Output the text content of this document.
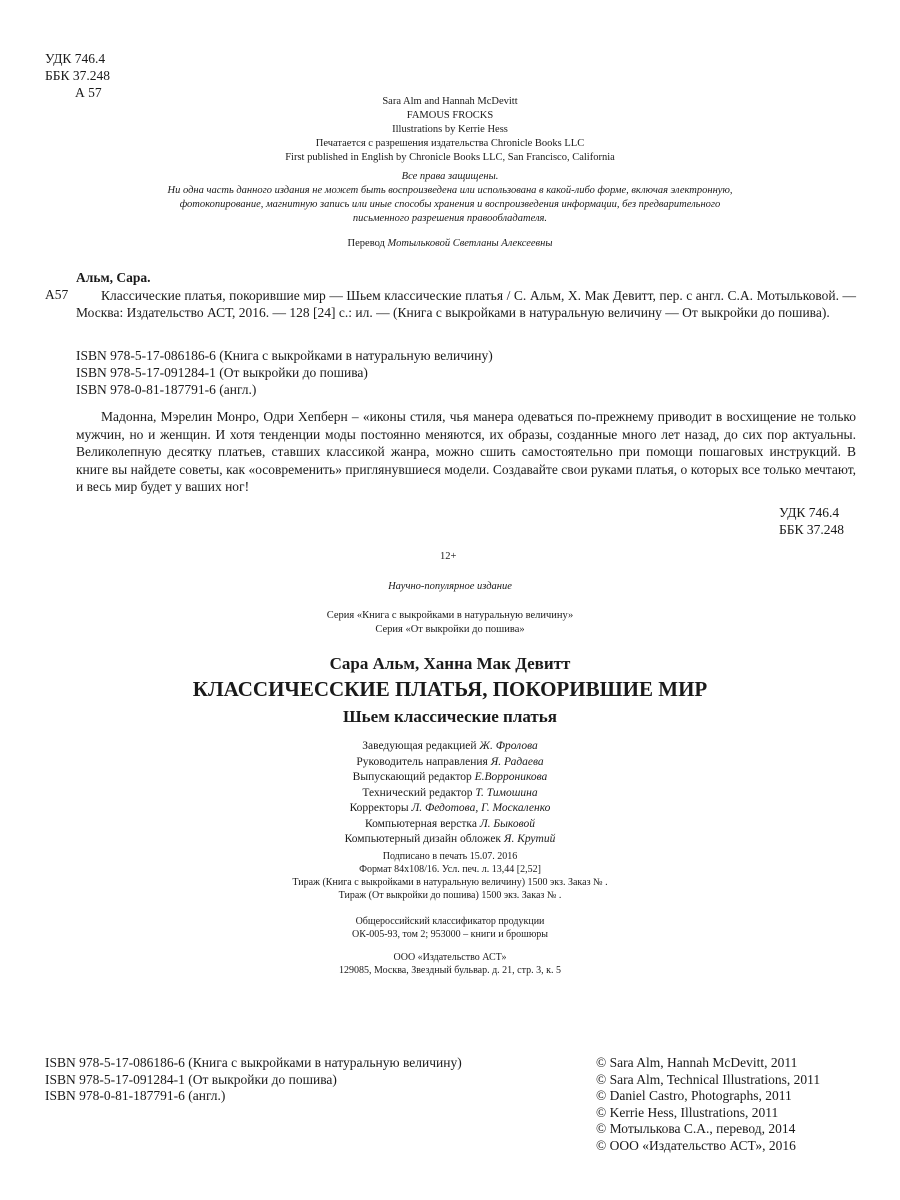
УДК 746.4
ББК 37.248
А 57
Sara Alm and Hannah McDevitt
FAMOUS FROCKS
Illustrations by Kerrie Hess
Печатается с разрешения издательства Chronicle Books LLC
First published in English by Chronicle Books LLC, San Francisco, California
Все права защищены.
Ни одна часть данного издания не может быть воспроизведена или использована в какой-либо форме, включая электронную,
фотокопирование, магнитную запись или иные способы хранения и воспроизведения информации, без предварительного
письменного разрешения правообладателя.
Перевод Мотыльковой Светланы Алексеевны
Альм, Сара.
А57	Классические платья, покорившие мир — Шьем классические платья / С. Альм, Х. Мак Девитт, пер. с англ. С.А. Мотыльковой. — Москва: Издательство АСТ, 2016. — 128 [24] с.: ил. — (Книга с выкройками в натуральную величину — От выкройки до пошива).
ISBN 978-5-17-086186-6 (Книга с выкройками в натуральную величину)
ISBN 978-5-17-091284-1 (От выкройки до пошива)
ISBN 978-0-81-187791-6 (англ.)
Мадонна, Мэрелин Монро, Одри Хепберн – «иконы стиля, чья манера одеваться по-прежнему приводит в восхищение не только мужчин, но и женщин. И хотя тенденции моды постоянно меняются, их образы, созданные много лет назад, до сих пор актуальны. Великолепную десятку платьев, ставших классикой жанра, можно сшить самостоятельно при помощи пошаговых инструкций. В книге вы найдете советы, как «осовременить» приглянувшиеся модели. Создавайте свои руками платья, о которых все только мечтают, и весь мир будет у ваших ног!
УДК 746.4
ББК 37.248
12+
Научно-популярное издание
Серия «Книга с выкройками в натуральную величину»
Серия «От выкройки до пошива»
Сара Альм, Ханна Мак Девитт
КЛАССИЧЕССКИЕ ПЛАТЬЯ, ПОКОРИВШИЕ МИР
Шьем классические платья
Заведующая редакцией Ж. Фролова
Руководитель направления Я. Радаева
Выпускающий редактор Е.Ворроникова
Технический редактор Т. Тимошина
Корректоры Л. Федотова, Г. Москаленко
Компьютерная верстка Л. Быковой
Компьютерный дизайн обложек Я. Крутий
Подписано в печать 15.07. 2016
Формат 84х108/16. Усл. печ. л. 13,44 [2,52]
Тираж (Книга с выкройками в натуральную величину) 1500 экз. Заказ № .
Тираж (От выкройки до пошива) 1500 экз. Заказ № .
Общероссийский классификатор продукции
ОК-005-93, том 2; 953000 – книги и брошюры
ООО «Издательство АСТ»
129085, Москва, Звездный бульвар. д. 21, стр. 3, к. 5
ISBN 978-5-17-086186-6 (Книга с выкройками в натуральную величину)
ISBN 978-5-17-091284-1 (От выкройки до пошива)
ISBN 978-0-81-187791-6 (англ.)
© Sara Alm, Hannah McDevitt, 2011
© Sara Alm, Technical Illustrations, 2011
© Daniel Castro, Photographs, 2011
© Kerrie Hess, Illustrations, 2011
© Мотылькова С.А., перевод, 2014
© ООО «Издательство АСТ», 2016
